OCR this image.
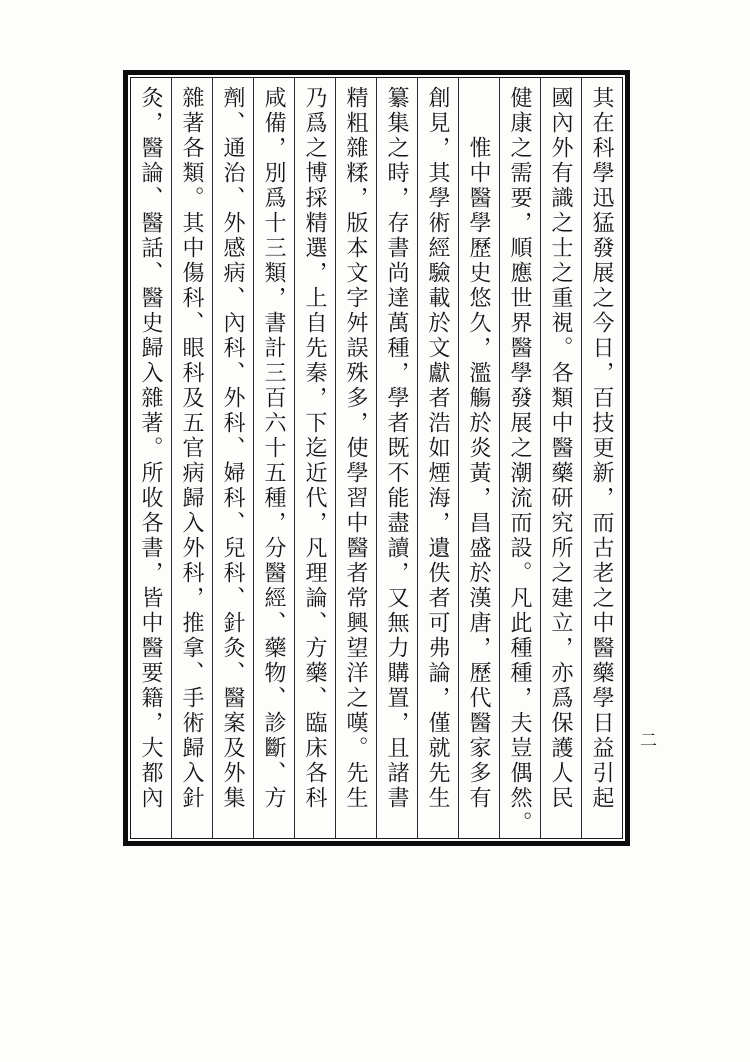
其在科學迅猛發展之今日，百技更新，而古老之中醫藥學日益引起
國內外有識之士之重視。各類中醫藥研究所之建立，亦爲保護人民
健康之需要，順應世界醫學發展之潮流而設。凡此種種，夫豈偶然。
惟中醫學歷史悠久，濫觴於炎黃，昌盛於漢唐，歷代醫家多有
創見，其學術經驗載於文獻者浩如煙海，遺佚者可弗論，僅就先生
纂集之時，存書尚達萬種，學者既不能盡讀，又無力購置，且諸書
精粗雜糅，版本文字舛誤殊多，使學習中醫者常興望洋之嘆。先生
乃爲之博採精選，上自先秦，下迄近代，凡理論、方藥、臨床各科
咸備，別爲十三類，書計三百六十五種，分醫經、藥物、診斷、方
劑、通治、外感病、內科、外科、婦科、兒科、針灸、醫案及外集
雜著各類。其中傷科、眼科及五官病歸入外科，推拿、手術歸入針
灸，醫論、醫話、醫史歸入雜著。所收各書，皆中醫要籍，大都內	二
